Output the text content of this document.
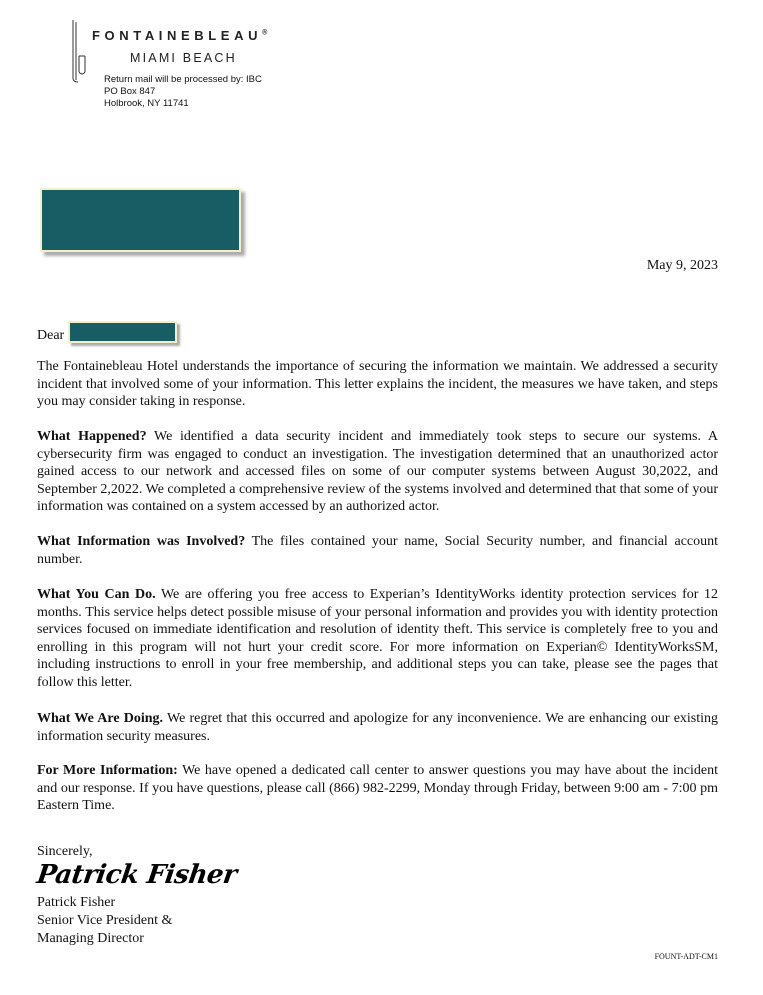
FONTAINEBLEAU®
MIAMI BEACH
Return mail will be processed by: IBC
PO Box 847
Holbrook, NY 11741
May 9, 2023
Dear
The Fontainebleau Hotel understands the importance of securing the information we maintain. We addressed a security incident that involved some of your information. This letter explains the incident, the measures we have taken, and steps you may consider taking in response.
What Happened? We identified a data security incident and immediately took steps to secure our systems. A cybersecurity firm was engaged to conduct an investigation. The investigation determined that an unauthorized actor gained access to our network and accessed files on some of our computer systems between August 30,2022, and September 2,2022. We completed a comprehensive review of the systems involved and determined that that some of your information was contained on a system accessed by an authorized actor.
What Information was Involved? The files contained your name, Social Security number, and financial account number.
What You Can Do. We are offering you free access to Experian’s IdentityWorks identity protection services for 12 months. This service helps detect possible misuse of your personal information and provides you with identity protection services focused on immediate identification and resolution of identity theft. This service is completely free to you and enrolling in this program will not hurt your credit score. For more information on Experian© IdentityWorksSM, including instructions to enroll in your free membership, and additional steps you can take, please see the pages that follow this letter.
What We Are Doing. We regret that this occurred and apologize for any inconvenience. We are enhancing our existing information security measures.
For More Information: We have opened a dedicated call center to answer questions you may have about the incident and our response. If you have questions, please call (866) 982-2299, Monday through Friday, between 9:00 am - 7:00 pm Eastern Time.
Sincerely,
Patrick Fisher
Patrick Fisher
Senior Vice President &
Managing Director
FOUNT-ADT-CM1
